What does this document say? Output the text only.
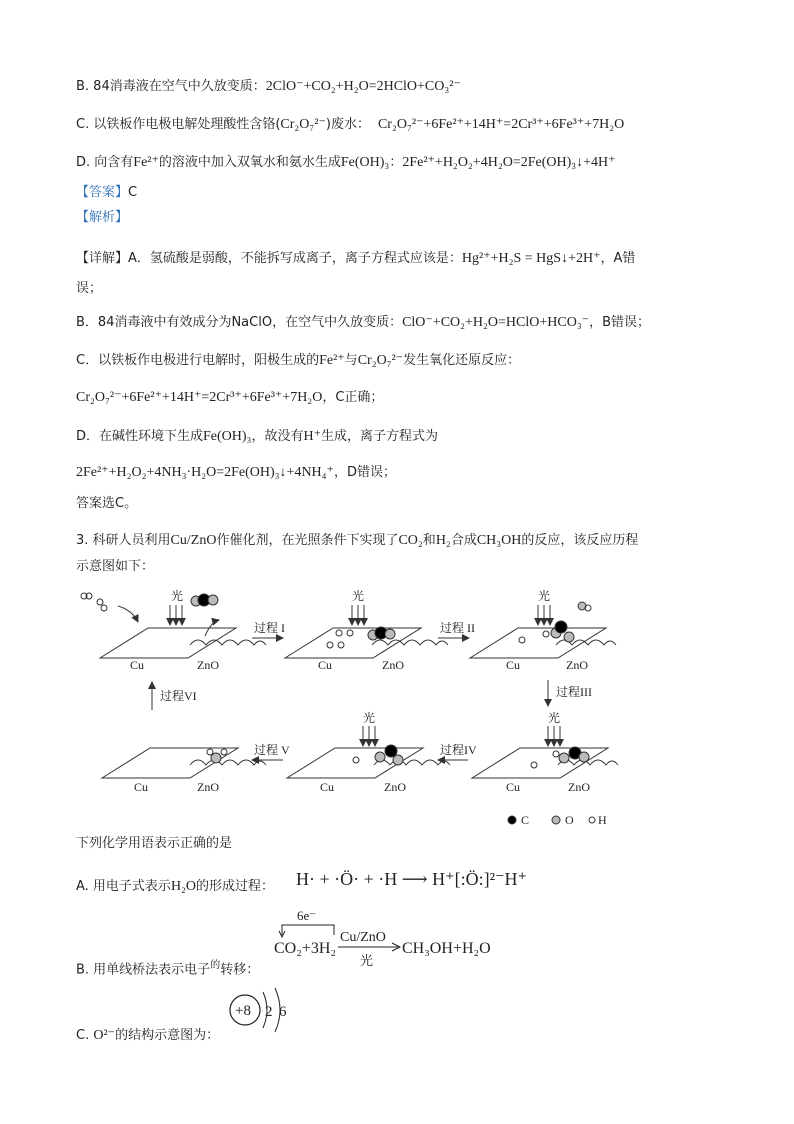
B. 84消毒液在空气中久放变质：2ClO⁻+CO₂+H₂O=2HClO+CO₃²⁻
C. 以铁板作电极电解处理酸性含铬(Cr₂O₇²⁻)废水： Cr₂O₇²⁻+6Fe²⁺+14H⁺=2Cr³⁺+6Fe³⁺+7H₂O
D. 向含有Fe²⁺的溶液中加入双氧水和氨水生成Fe(OH)₃：2Fe²⁺+H₂O₂+4H₂O=2Fe(OH)₃↓+4H⁺
【答案】C
【解析】
【详解】A．氢硫酸是弱酸，不能拆写成离子，离子方程式应该是：Hg²⁺+H₂S = HgS↓+2H⁺，A错
误；
B．84消毒液中有效成分为NaClO，在空气中久放变质：ClO⁻+CO₂+H₂O=HClO+HCO₃⁻，B错误；
C．以铁板作电极进行电解时，阳极生成的Fe²⁺与Cr₂O₇²⁻发生氧化还原反应：
Cr₂O₇²⁻+6Fe²⁺+14H⁺=2Cr³⁺+6Fe³⁺+7H₂O，C正确；
D．在碱性环境下生成Fe(OH)₃，故没有H⁺生成，离子方程式为
2Fe²⁺+H₂O₂+4NH₃·H₂O=2Fe(OH)₃↓+4NH₄⁺，D错误；
答案选C。
3. 科研人员利用Cu/ZnO作催化剂，在光照条件下实现了CO₂和H₂合成CH₃OH的反应，该反应历程
示意图如下：
光	光	光
光	光
Cu	ZnO	Cu	ZnO	Cu	ZnO
Cu	ZnO	Cu	ZnO	Cu	ZnO
过程 I	过程 II
过程III
过程IV
过程 V
过程VI
C	O H
下列化学用语表示正确的是
A. 用电子式表示H₂O的形成过程： H· + ·Ö· + ·H ⟶ H⁺[:Ö:]²⁻H⁺
B. 用单线桥法表示电子$^的$转移：
6e⁻
CO₂+3H₂
Cu/ZnO
光
CH₃OH+H₂O
C. O²⁻的结构示意图为：
+8 2 6
